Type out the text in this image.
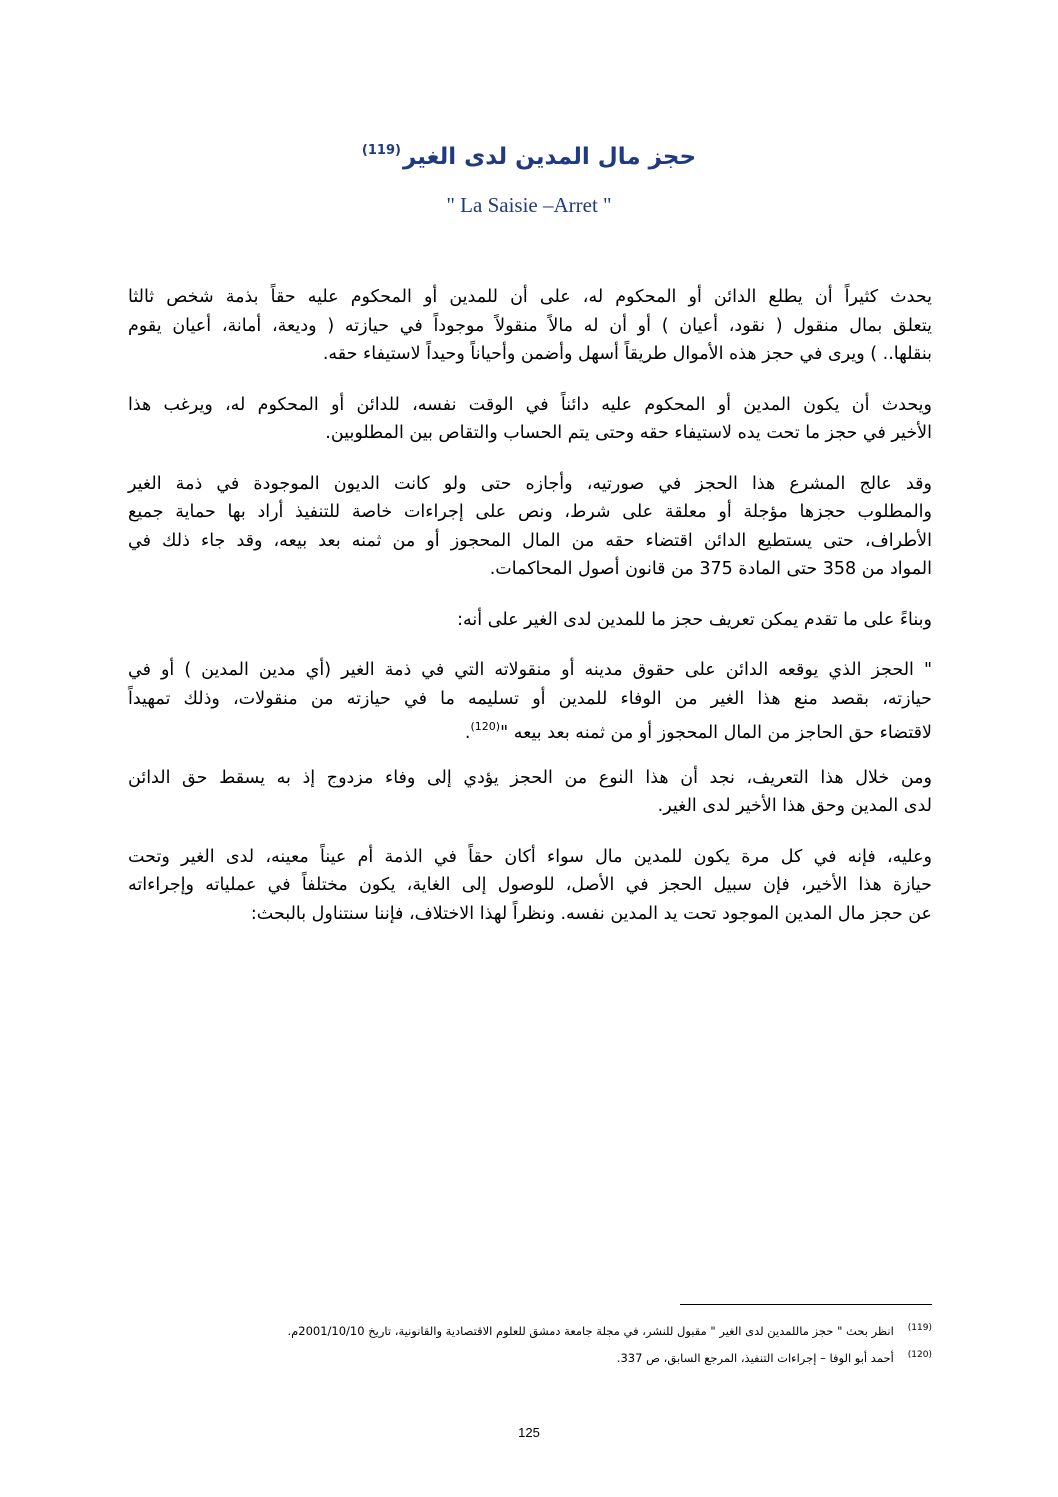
حجز مال المدين لدى الغير$^{(119)}$
" La Saisie –Arret "

يحدث كثيراً أن يطلع الدائن أو المحكوم له، على أن للمدين أو المحكوم عليه حقاً بذمة شخص ثالثا
يتعلق بمال منقول ( نقود، أعيان ) أو أن له مالاً منقولاً موجوداً في حيازته ( وديعة، أمانة، أعيان يقوم
بنقلها.. ) ويرى في حجز هذه الأموال طريقاً أسهل وأضمن وأحياناً وحيداً لاستيفاء حقه.

ويحدث أن يكون المدين أو المحكوم عليه دائناً في الوقت نفسه، للدائن أو المحكوم له، ويرغب هذا
الأخير في حجز ما تحت يده لاستيفاء حقه وحتى يتم الحساب والتقاص بين المطلوبين.

وقد عالج المشرع هذا الحجز في صورتيه، وأجازه حتى ولو كانت الديون الموجودة في ذمة الغير
والمطلوب حجزها مؤجلة أو معلقة على شرط، ونص على إجراءات خاصة للتنفيذ أراد بها حماية جميع
الأطراف، حتى يستطيع الدائن اقتضاء حقه من المال المحجوز أو من ثمنه بعد بيعه، وقد جاء ذلك في
المواد من 358 حتى المادة 375 من قانون أصول المحاكمات.

وبناءً على ما تقدم يمكن تعريف حجز ما للمدين لدى الغير على أنه:

" الحجز الذي يوقعه الدائن على حقوق مدينه أو منقولاته التي في ذمة الغير (أي مدين المدين ) أو في
حيازته، بقصد منع هذا الغير من الوفاء للمدين أو تسليمه ما في حيازته من منقولات، وذلك تمهيداً
لاقتضاء حق الحاجز من المال المحجوز أو من ثمنه بعد بيعه "$^{(120)}$.

ومن خلال هذا التعريف، نجد أن هذا النوع من الحجز يؤدي إلى وفاء مزدوج إذ به يسقط حق الدائن
لدى المدين وحق هذا الأخير لدى الغير.

وعليه، فإنه في كل مرة يكون للمدين مال سواء أكان حقاً في الذمة أم عيناً معينه، لدى الغير وتحت
حيازة هذا الأخير، فإن سبيل الحجز في الأصل، للوصول إلى الغاية، يكون مختلفاً في عملياته وإجراءاته
عن حجز مال المدين الموجود تحت يد المدين نفسه. ونظراً لهذا الاختلاف، فإننا سنتناول بالبحث:

$^{(119)}$انظر بحث " حجز ماللمدين لدى الغير " مقبول للنشر، في مجلة جامعة دمشق للعلوم الاقتصادية والقانونية، تاريخ 2001/10/10م.
$^{(120)}$أحمد أبو الوفا – إجراءات التنفيذ، المرجع السابق، ص 337.
125
